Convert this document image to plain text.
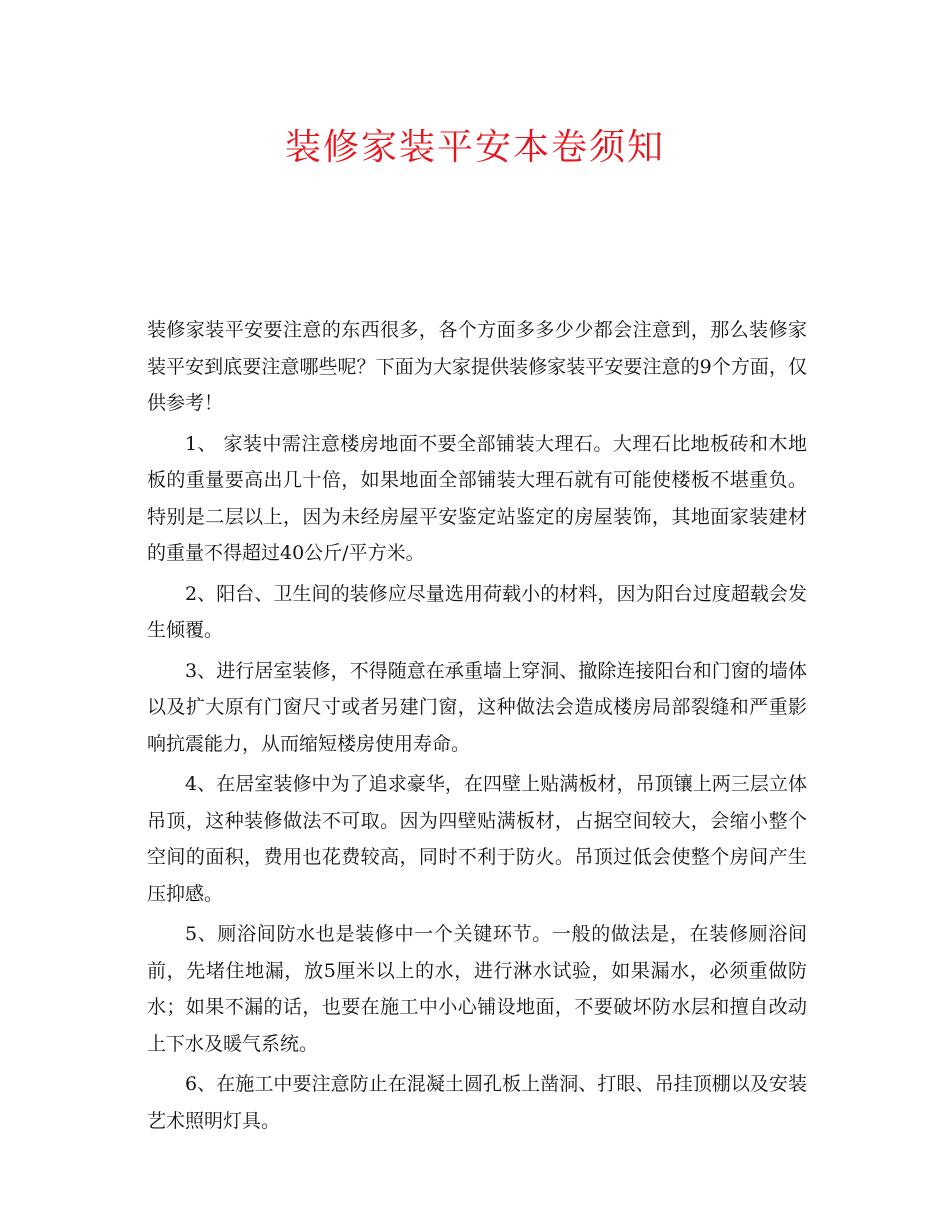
装修家装平安本卷须知

装修家装平安要注意的东西很多，各个方面多多少少都会注意到，那么装修家装平安到底要注意哪些呢？下面为大家提供装修家装平安要注意的9个方面，仅供参考！

1、 家装中需注意楼房地面不要全部铺装大理石。大理石比地板砖和木地板的重量要高出几十倍，如果地面全部铺装大理石就有可能使楼板不堪重负。特别是二层以上，因为未经房屋平安鉴定站鉴定的房屋装饰，其地面家装建材 的重量不得超过40公斤/平方米。

2、阳台、卫生间的装修应尽量选用荷载小的材料，因为阳台过度超载会发生倾覆。

3、进行居室装修，不得随意在承重墙上穿洞、撤除连接阳台和门窗的墙体以及扩大原有门窗尺寸或者另建门窗，这种做法会造成楼房局部裂缝和严重影响抗震能力，从而缩短楼房使用寿命。

4、在居室装修中为了追求豪华，在四壁上贴满板材，吊顶镶上两三层立体吊顶，这种装修做法不可取。因为四壁贴满板材，占据空间较大，会缩小整个空间的面积，费用也花费较高，同时不利于防火。吊顶过低会使整个房间产生压抑感。

5、厕浴间防水也是装修中一个关键环节。一般的做法是，在装修厕浴间前，先堵住地漏，放5厘米以上的水，进行淋水试验，如果漏水，必须重做防水；如果不漏的话，也要在施工中小心铺设地面，不要破坏防水层和擅自改动上下水及暖气系统。

6、在施工中要注意防止在混凝土圆孔板上凿洞、打眼、吊挂顶棚以及安装艺术照明灯具。
